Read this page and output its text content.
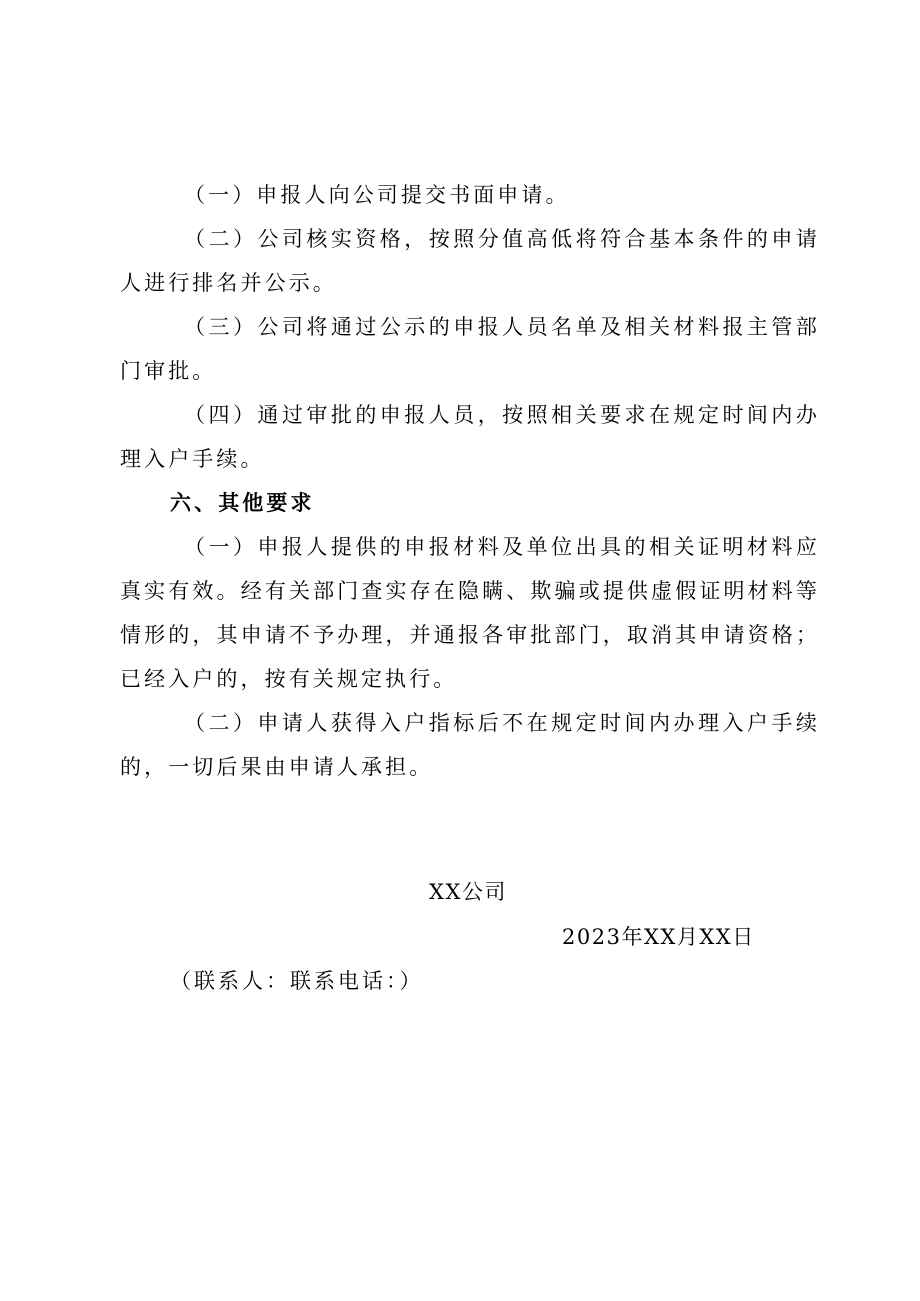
（一）申报人向公司提交书面申请。

（二）公司核实资格，按照分值高低将符合基本条件的申请人进行排名并公示。

（三）公司将通过公示的申报人员名单及相关材料报主管部门审批。

（四）通过审批的申报人员，按照相关要求在规定时间内办理入户手续。

六、其他要求

（一）申报人提供的申报材料及单位出具的相关证明材料应真实有效。经有关部门查实存在隐瞒、欺骗或提供虚假证明材料等情形的，其申请不予办理，并通报各审批部门，取消其申请资格；已经入户的，按有关规定执行。

（二）申请人获得入户指标后不在规定时间内办理入户手续的，一切后果由申请人承担。

XX公司
2023年XX月XX日
（联系人：联系电话：）
